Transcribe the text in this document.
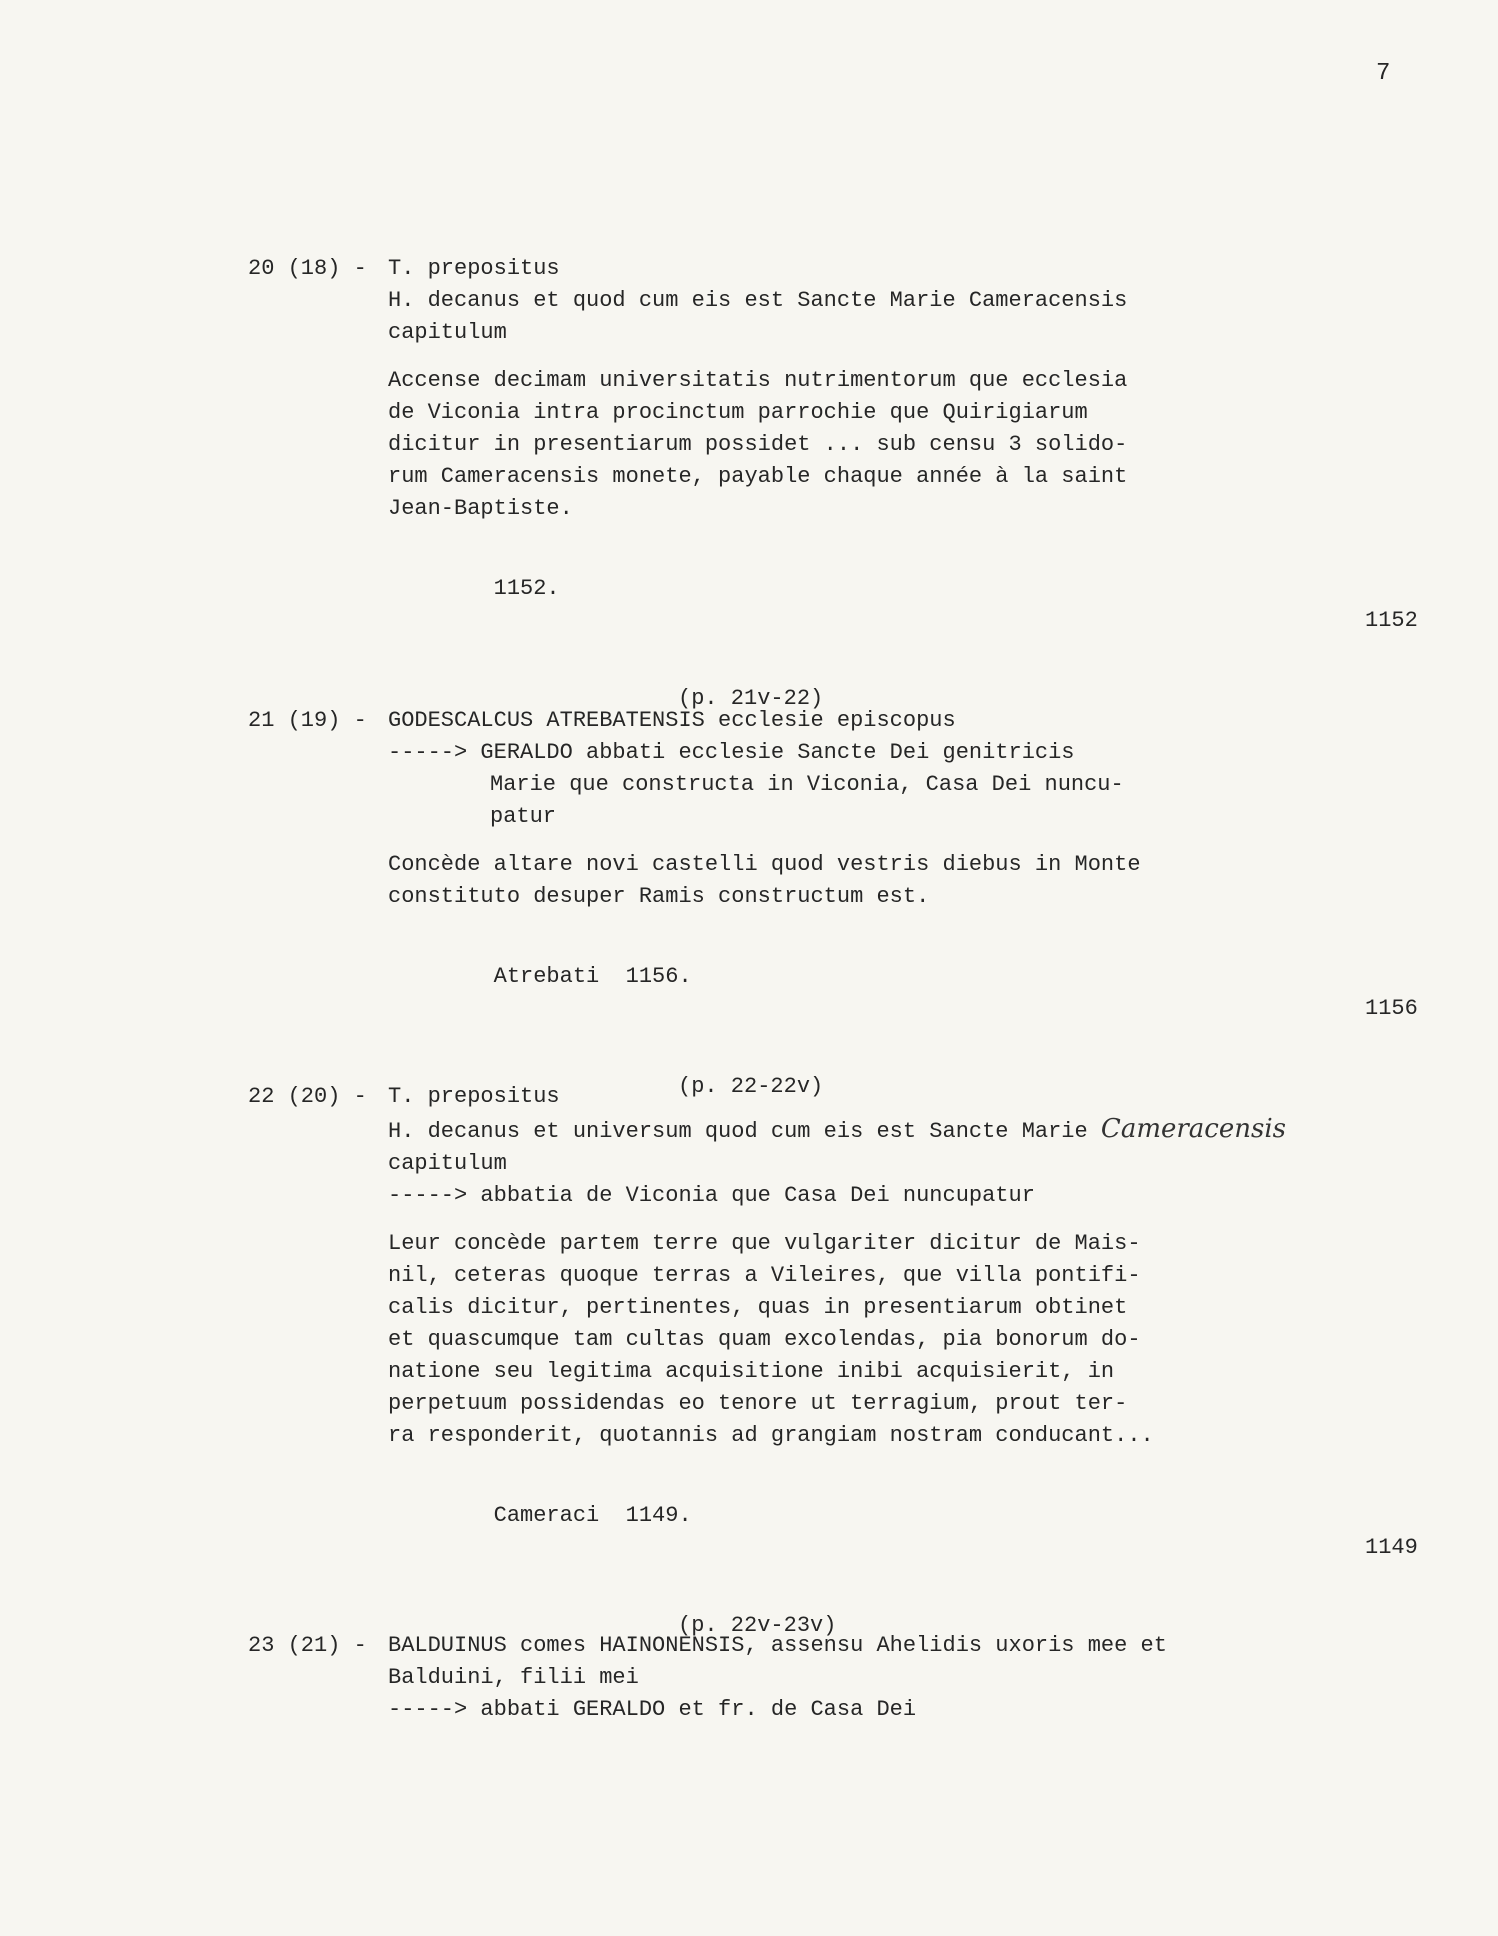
7
20 (18) - T. prepositus
H. decanus et quod cum eis est Sancte Marie Cameracensis
capitulum
Accense decimam universitatis nutrimentorum que ecclesia
de Viconia intra procinctum parrochie que Quirigiarum
dicitur in presentiarum possidet ... sub censu 3 solido-
rum Cameracensis monete, payable chaque année à la saint
Jean-Baptiste.

1152.

1152

(p. 21v-22)
21 (19) - GODESCALCUS ATREBATENSIS ecclesie episcopus
-----> GERALDO abbati ecclesie Sancte Dei genitricis
Marie que constructa in Viconia, Casa Dei nuncu-
patur
Concède altare novi castelli quod vestris diebus in Monte
constituto desuper Ramis constructum est.

Atrebati  1156.

1156

(p. 22-22v)
22 (20) - T. prepositus
H. decanus et universum quod cum eis est Sancte Marie Cameracensis
capitulum
-----> abbatia de Viconia que Casa Dei nuncupatur
Leur concède partem terre que vulgariter dicitur de Mais-
nil, ceteras quoque terras a Vileires, que villa pontifi-
calis dicitur, pertinentes, quas in presentiarum obtinet
et quascumque tam cultas quam excolendas, pia bonorum do-
natione seu legitima acquisitione inibi acquisierit, in
perpetuum possidendas eo tenore ut terragium, prout ter-
ra responderit, quotannis ad grangiam nostram conducant...

Cameraci  1149.

1149

(p. 22v-23v)
23 (21) - BALDUINUS comes HAINONENSIS, assensu Ahelidis uxoris mee et
Balduini, filii mei
-----> abbati GERALDO et fr. de Casa Dei
